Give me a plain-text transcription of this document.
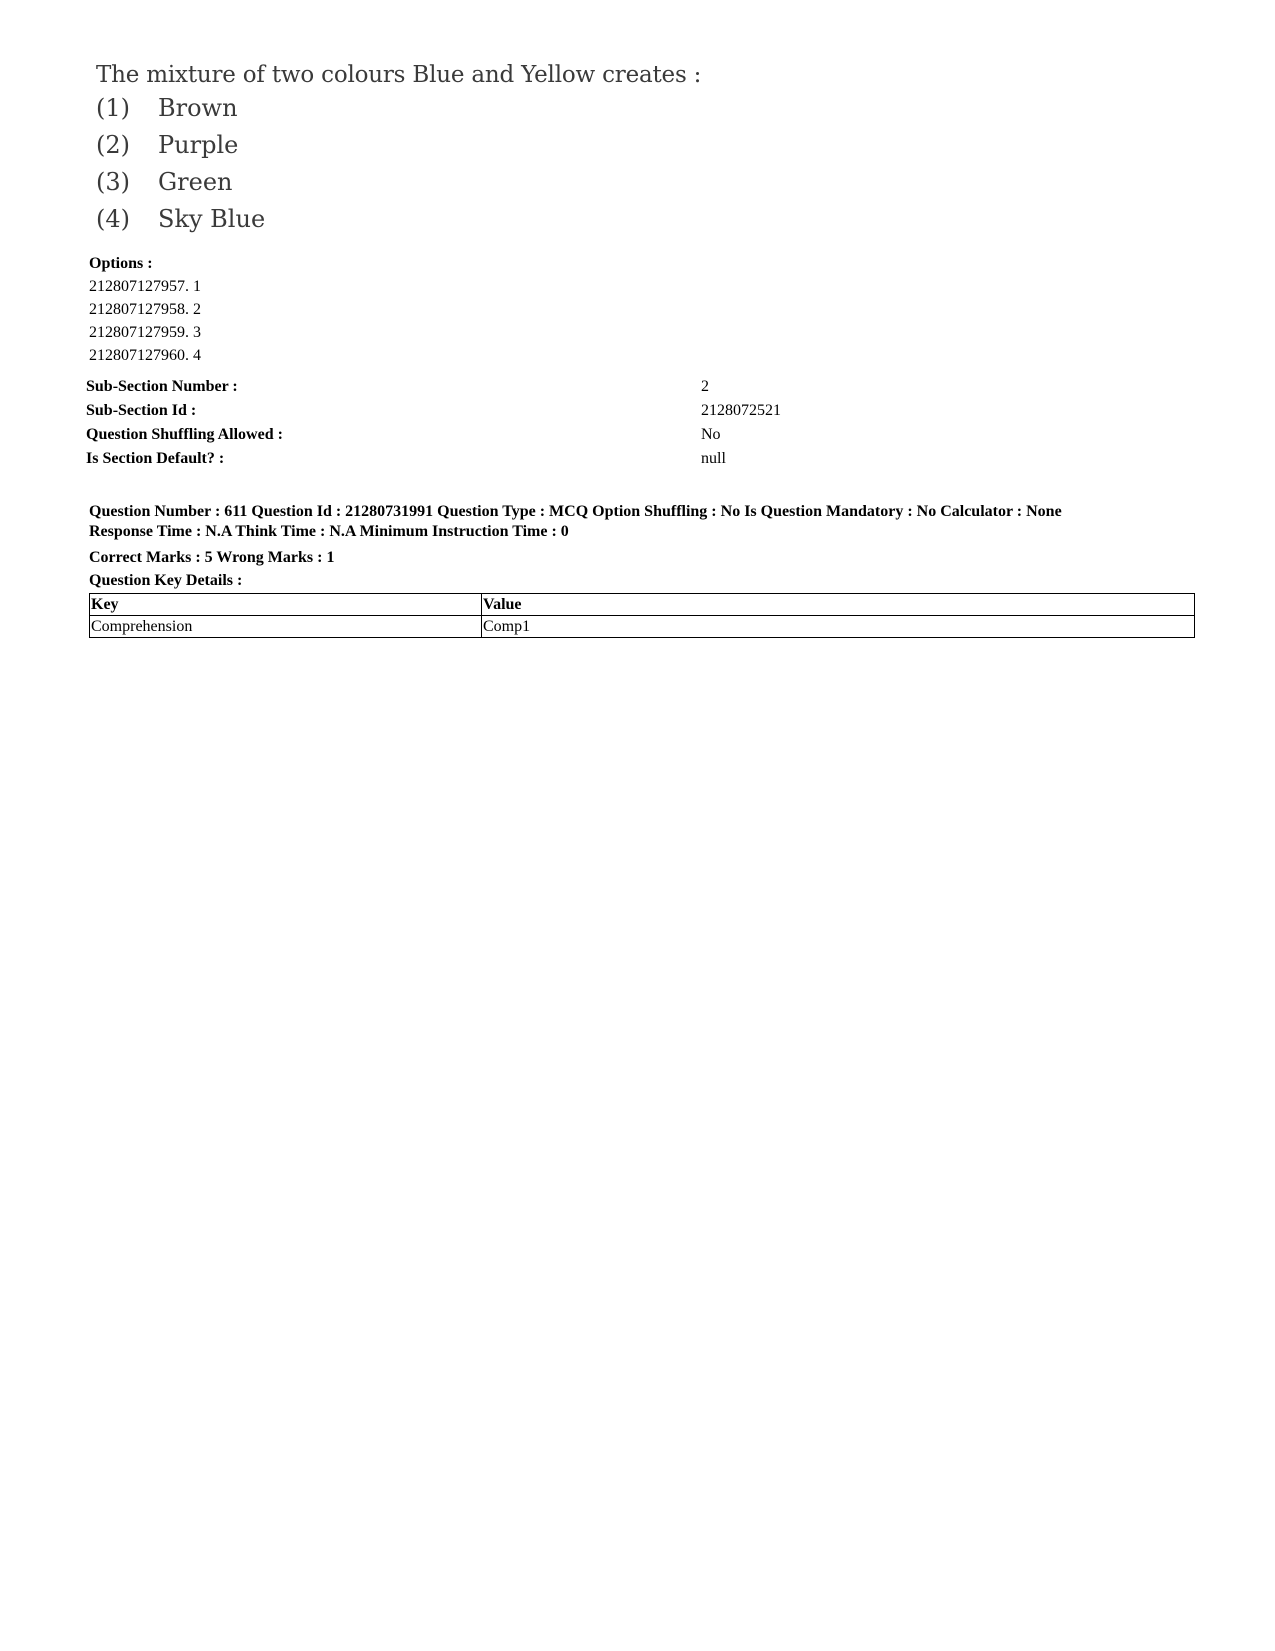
The mixture of two colours Blue and Yellow creates :
(1) Brown
(2) Purple
(3) Green
(4) Sky Blue
Options :
212807127957. 1
212807127958. 2
212807127959. 3
212807127960. 4
Sub-Section Number :	2
Sub-Section Id :	2128072521
Question Shuffling Allowed :	No
Is Section Default? :	null
Question Number : 611 Question Id : 21280731991 Question Type : MCQ Option Shuffling : No Is Question Mandatory : No Calculator : None
Response Time : N.A Think Time : N.A Minimum Instruction Time : 0
Correct Marks : 5 Wrong Marks : 1
Question Key Details :
Key	Value
Comprehension	Comp1
